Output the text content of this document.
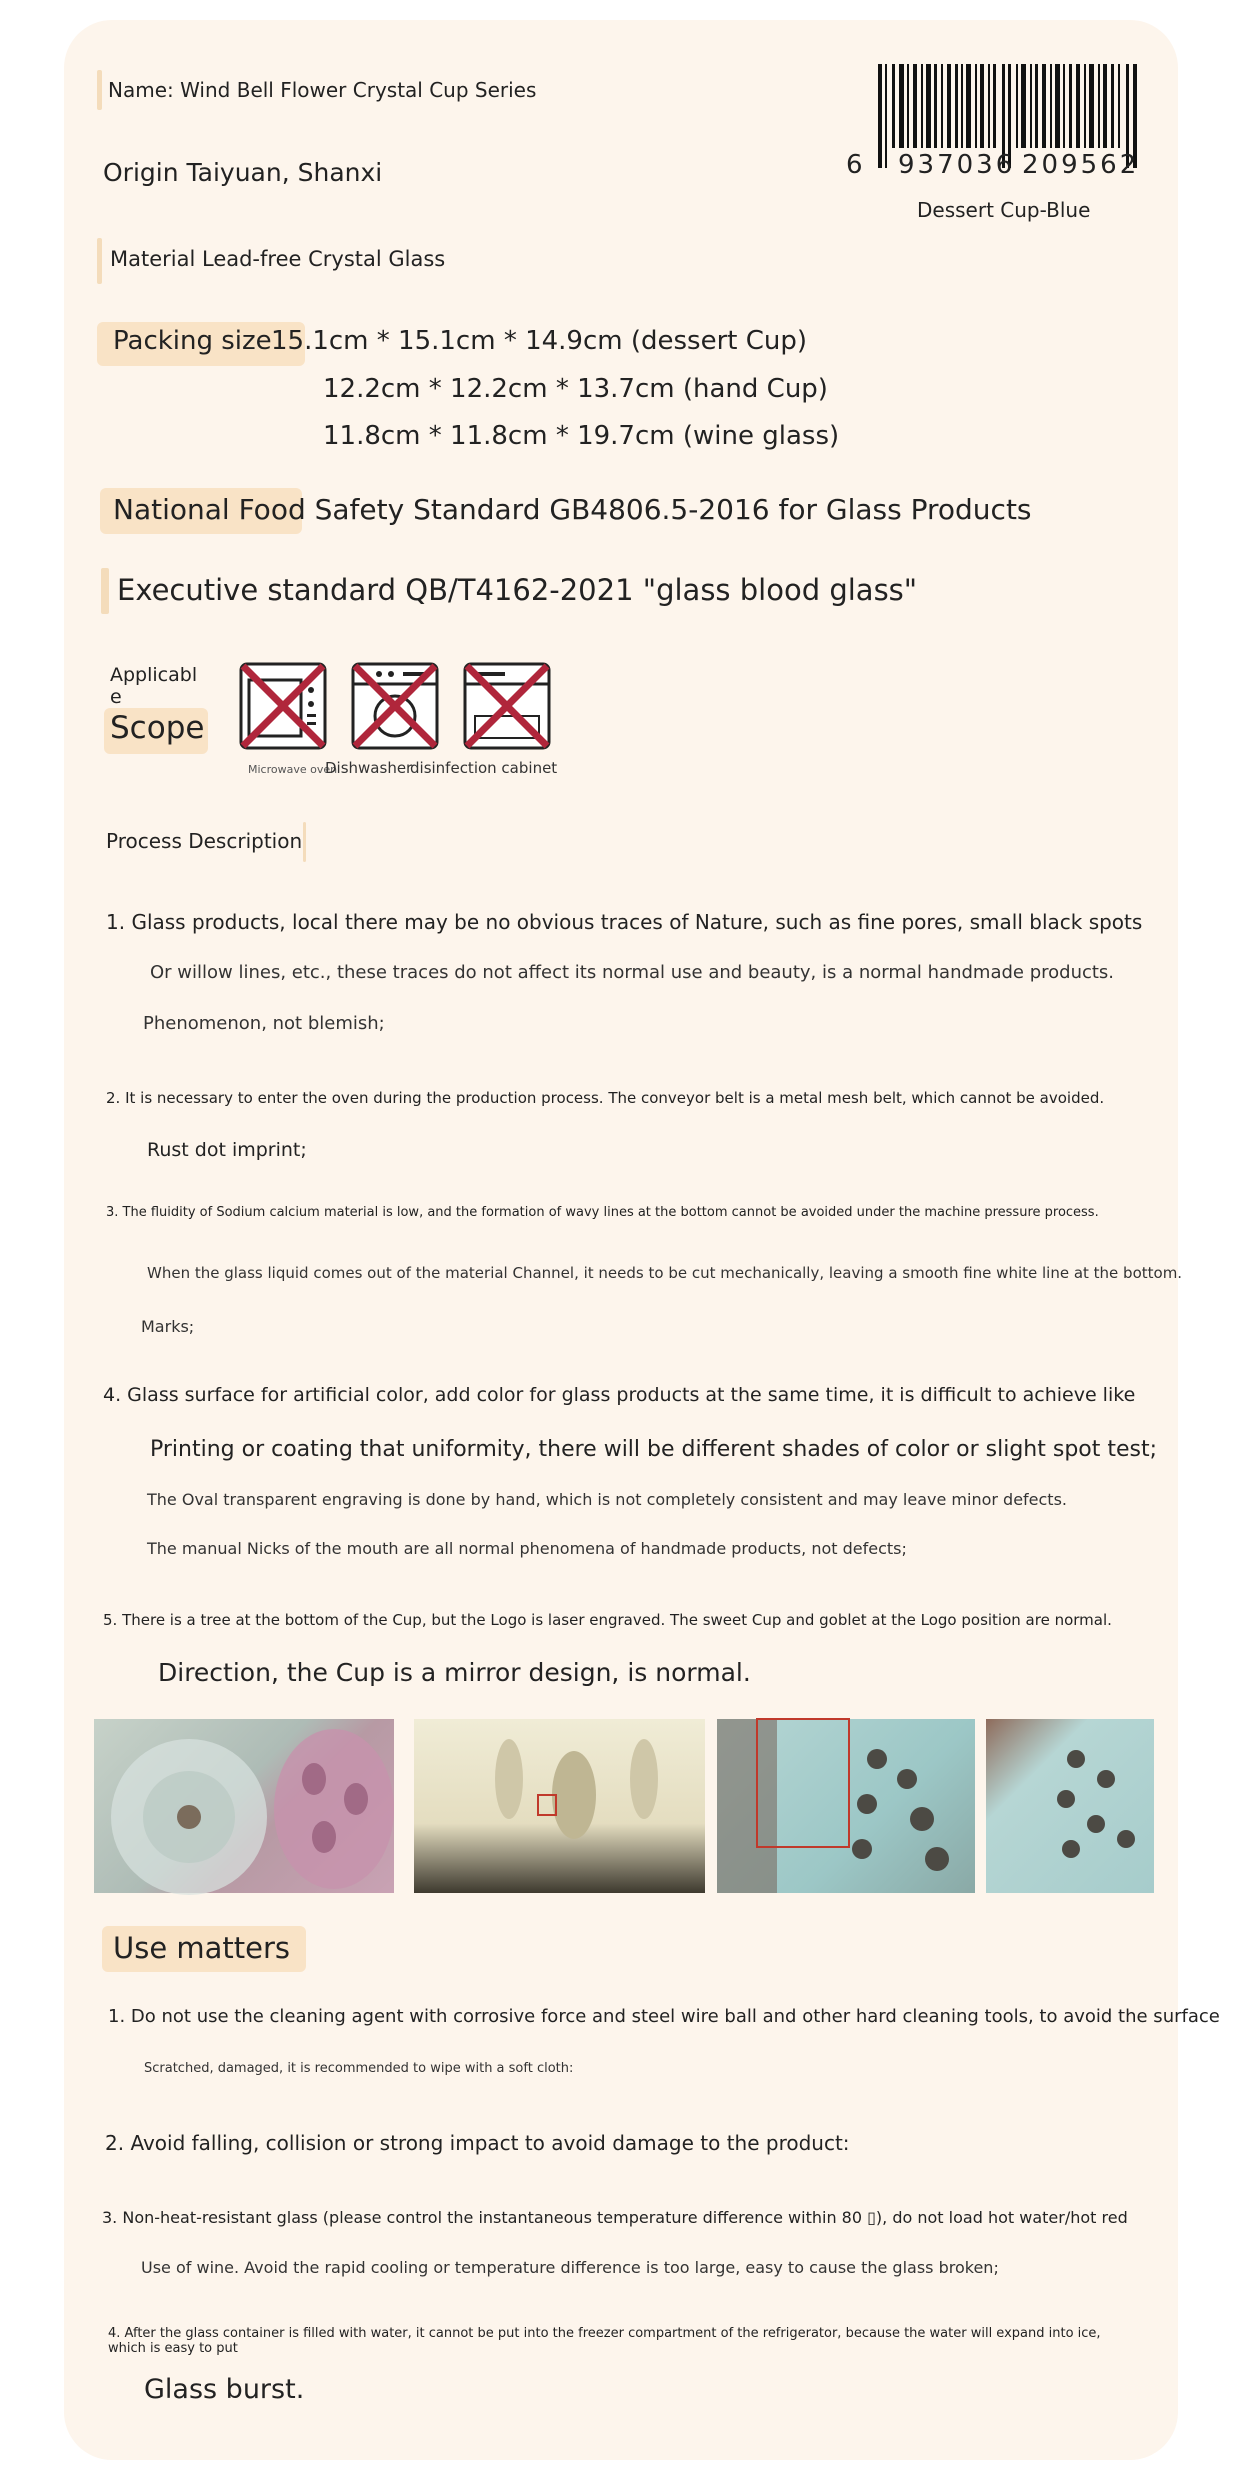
Name: Wind Bell Flower Crystal Cup Series
Origin Taiyuan, Shanxi
Material Lead-free Crystal Glass
Packing size 15.1cm * 15.1cm * 14.9cm (dessert Cup)
12.2cm * 12.2cm * 13.7cm (hand Cup)
11.8cm * 11.8cm * 19.7cm (wine glass)
National Food Safety Standard GB4806.5-2016 for Glass Products
Executive standard QB/T4162-2021 "glass blood glass"
6 937036 209562
Dessert Cup-Blue
Applicabl e
Scope
Microwave oven
Dishwasher
disinfection cabinet
Process Description
1. Glass products, local there may be no obvious traces of Nature, such as fine pores, small black spots
Or willow lines, etc., these traces do not affect its normal use and beauty, is a normal handmade products.
Phenomenon, not blemish;
2. It is necessary to enter the oven during the production process. The conveyor belt is a metal mesh belt, which cannot be avoided.
Rust dot imprint;
3. The fluidity of Sodium calcium material is low, and the formation of wavy lines at the bottom cannot be avoided under the machine pressure process.
When the glass liquid comes out of the material Channel, it needs to be cut mechanically, leaving a smooth fine white line at the bottom.
Marks;
4. Glass surface for artificial color, add color for glass products at the same time, it is difficult to achieve like
Printing or coating that uniformity, there will be different shades of color or slight spot test;
The Oval transparent engraving is done by hand, which is not completely consistent and may leave minor defects.
The manual Nicks of the mouth are all normal phenomena of handmade products, not defects;
5. There is a tree at the bottom of the Cup, but the Logo is laser engraved. The sweet Cup and goblet at the Logo position are normal.
Direction, the Cup is a mirror design, is normal.
Use matters
1. Do not use the cleaning agent with corrosive force and steel wire ball and other hard cleaning tools, to avoid the surface
Scratched, damaged, it is recommended to wipe with a soft cloth:
2. Avoid falling, collision or strong impact to avoid damage to the product:
3. Non-heat-resistant glass (please control the instantaneous temperature difference within 80 ▯), do not load hot water/hot red
Use of wine. Avoid the rapid cooling or temperature difference is too large, easy to cause the glass broken;
4. After the glass container is filled with water, it cannot be put into the freezer compartment of the refrigerator, because the water will expand into ice, which is easy to put
Glass burst.
